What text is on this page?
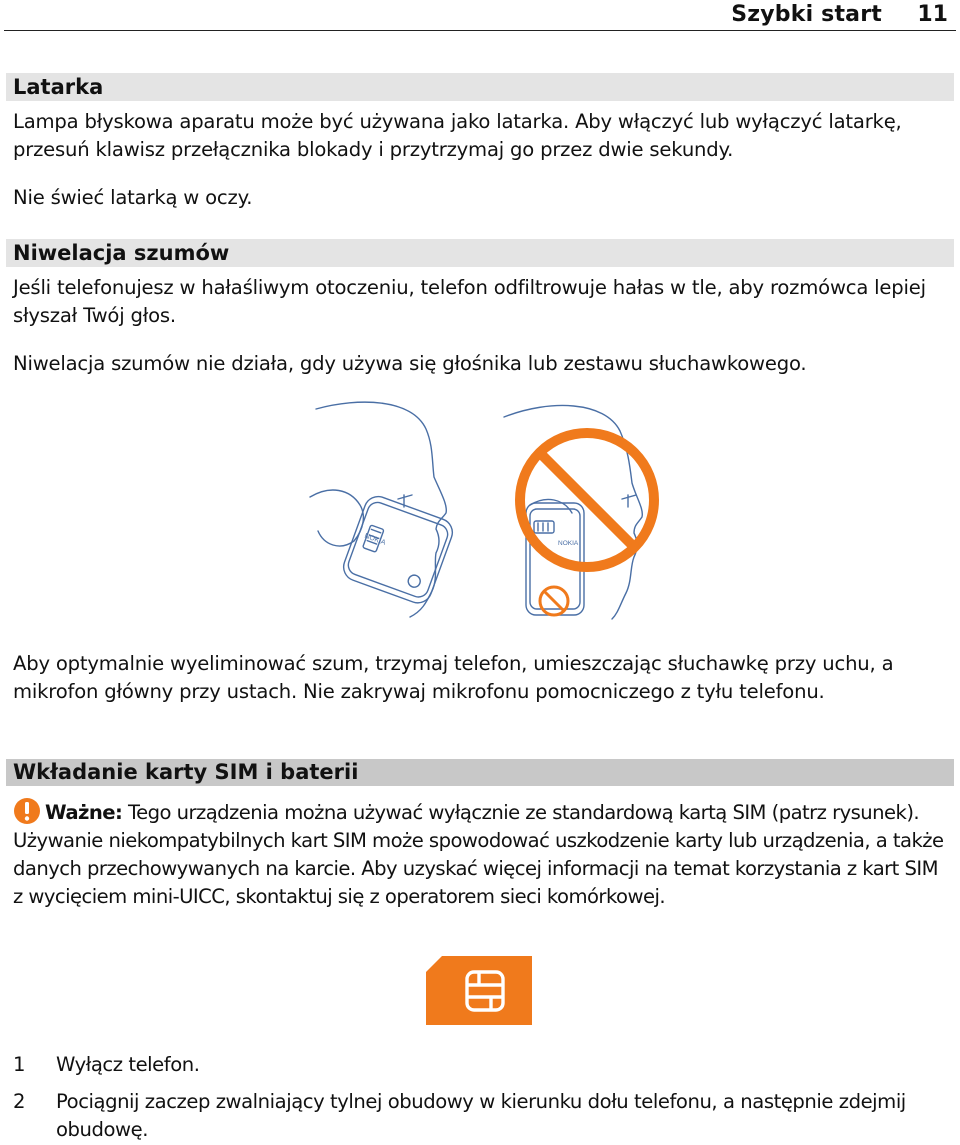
Szybki start 11
Latarka

Lampa błyskowa aparatu może być używana jako latarka. Aby włączyć lub wyłączyć latarkę, przesuń klawisz przełącznika blokady i przytrzymaj go przez dwie sekundy.

Nie świeć latarką w oczy.

Niwelacja szumów

Jeśli telefonujesz w hałaśliwym otoczeniu, telefon odfiltrowuje hałas w tle, aby rozmówca lepiej słyszał Twój głos.

Niwelacja szumów nie działa, gdy używa się głośnika lub zestawu słuchawkowego.

NOKIA	NOKIA

Aby optymalnie wyeliminować szum, trzymaj telefon, umieszczając słuchawkę przy uchu, a mikrofon główny przy ustach. Nie zakrywaj mikrofonu pomocniczego z tyłu telefonu.

Wkładanie karty SIM i baterii

Ważne: Tego urządzenia można używać wyłącznie ze standardową kartą SIM (patrz rysunek). Używanie niekompatybilnych kart SIM może spowodować uszkodzenie karty lub urządzenia, a także danych przechowywanych na karcie. Aby uzyskać więcej informacji na temat korzystania z kart SIM z wycięciem mini-UICC, skontaktuj się z operatorem sieci komórkowej.

1 Wyłącz telefon.
2 Pociągnij zaczep zwalniający tylnej obudowy w kierunku dołu telefonu, a następnie zdejmij obudowę.
